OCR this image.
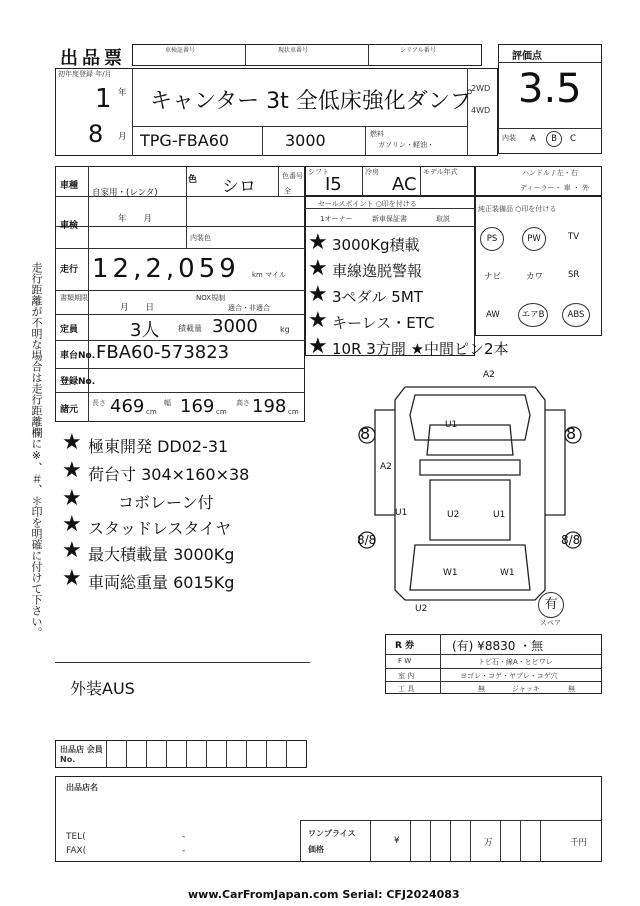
出品票	車検証番号	現状車番号	シリアル番号
評価点
3.5
初年度登録 年/月
1 年
8 月
キャンター 3t 全低床強化ダンプ
TPG-FBA60	3000	燃料
ガソリン・軽油・
2WD
4WD
内装 A	B	C
車種
自家用・(レンタ)
色 シロ
色番号
全
シフト
I5
冷房
AC
モデル年式	ハンドル / 左・右
ディーラー・ 車 ・ 外
車検
年　　月
内装色
走行 12,2,059 km マイル
書類期限
月　　日
NOX規制
適合・非適合
定員	3人 積載量 3000	kg
車台No. FBA60-573823
登録No.
諸元
長さ 469 cm
幅 169 cm
高さ 198 cm
セールスポイント ○印を付ける
1オーナー	新車保証書	取説
★ 3000Kg積載
★ 車線逸脱警報
★ 3ペダル 5MT
★ キーレス・ETC
★ 10R 3方開 ★中間ピン2本
純正装備品 ○印を付ける
PS	PW	TV
ナビ	カワ	SR
AW	エアB	ABS
★ 極東開発 DD02-31
★ 荷台寸 304×160×38
★ コボレーン付
★ スタッドレスタイヤ
★ 最大積載量 3000Kg
★ 車両総重量 6015Kg
外装AUS
走行距離が不明な場合は走行距離欄に※、＃、＊印を明確に付けて下さい。	A2
U1
8	8
A2
U1	U2	U1
8/8	8/8
W1	W1
U2	有
スペア
R 券	(有) ¥8830 ・無
F W	トビ石・線A・ヒビワレ
室 内	ヨゴレ・コゲ・ヤブレ・コゲ穴
工 具	無	ジャッキ	無
出品店 会員No.
出品店名
TEL(
FAX(
-
-
ワンプライス 価格
¥	万	千円
www.CarFromJapan.com Serial: CFJ2024083
